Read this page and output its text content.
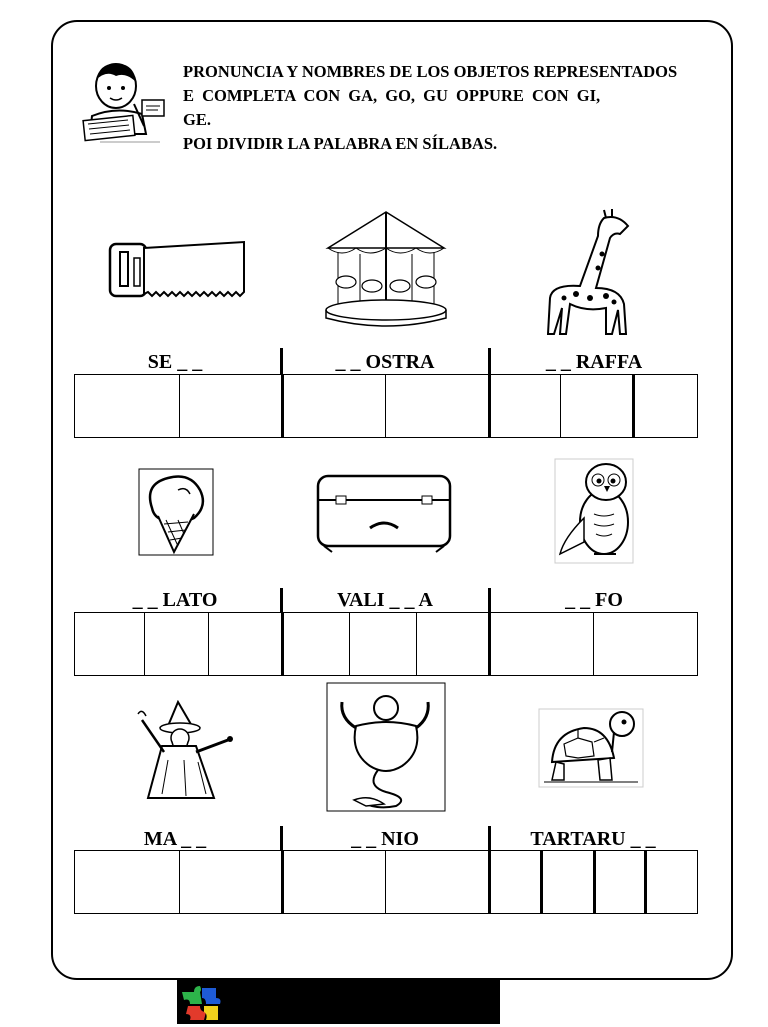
PRONUNCIA Y NOMBRES DE LOS OBJETOS REPRESENTADOS
E COMPLETA CON GA, GO, GU OPPURE CON GI,
GE.
POI DIVIDIR LA PALABRA EN SÍLABAS.
SE _ _	_ _ OSTRA	_ _ RAFFA
_ _ LATO	VALI _ _ A	_ _ FO
MA _ _	_ _ NIO	TARTARU _ _
